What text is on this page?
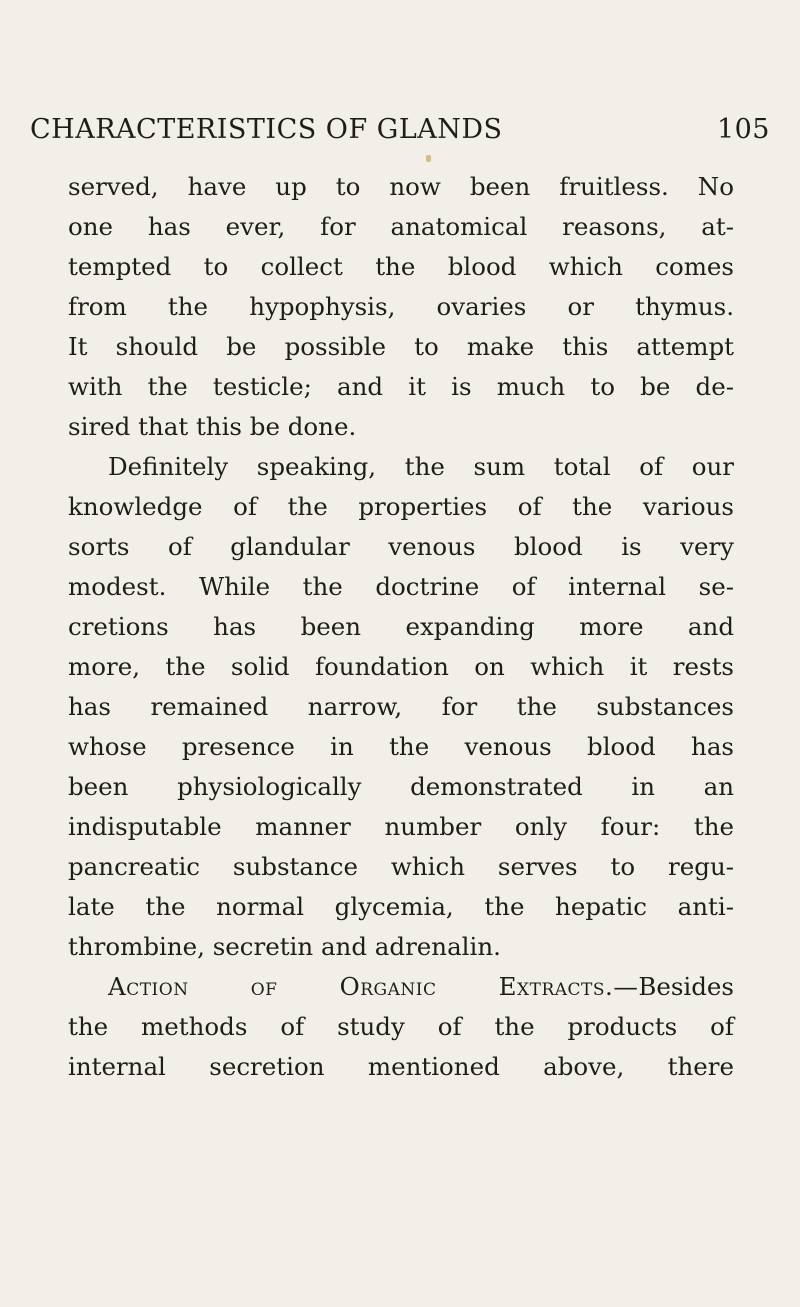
CHARACTERISTICS OF GLANDS	105
served, have up to now been fruitless. No
one has ever, for anatomical reasons, at-
tempted to collect the blood which comes
from the hypophysis, ovaries or thymus.
It should be possible to make this attempt
with the testicle; and it is much to be de-
sired that this be done.
Definitely speaking, the sum total of our
knowledge of the properties of the various
sorts of glandular venous blood is very
modest. While the doctrine of internal se-
cretions has been expanding more and
more, the solid foundation on which it rests
has remained narrow, for the substances
whose presence in the venous blood has
been physiologically demonstrated in an
indisputable manner number only four: the
pancreatic substance which serves to regu-
late the normal glycemia, the hepatic anti-
thrombine, secretin and adrenalin.
Action of Organic Extracts.—Besides
the methods of study of the products of
internal secretion mentioned above, there
